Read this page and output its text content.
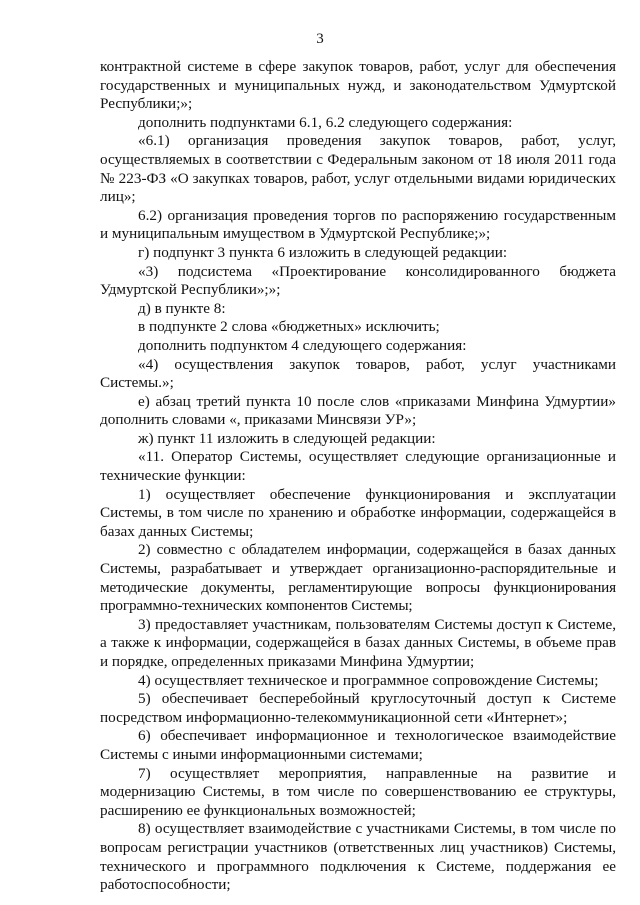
3

контрактной системе в сфере закупок товаров, работ, услуг для обеспечения государственных и муниципальных нужд, и законодательством Удмуртской Республики;»;

дополнить подпунктами 6.1, 6.2 следующего содержания:

«6.1) организация проведения закупок товаров, работ, услуг, осуществляемых в соответствии с Федеральным законом от 18 июля 2011 года № 223-ФЗ «О закупках товаров, работ, услуг отдельными видами юридических лиц»;

6.2) организация проведения торгов по распоряжению государственным и муниципальным имуществом в Удмуртской Республике;»;

г) подпункт 3 пункта 6 изложить в следующей редакции:

«3) подсистема «Проектирование консолидированного бюджета Удмуртской Республики»;»;

д) в пункте 8:

в подпункте 2 слова «бюджетных» исключить;

дополнить подпунктом 4 следующего содержания:

«4) осуществления закупок товаров, работ, услуг участниками Системы.»;

е) абзац третий пункта 10 после слов «приказами Минфина Удмуртии» дополнить словами «, приказами Минсвязи УР»;

ж) пункт 11 изложить в следующей редакции:

«11. Оператор Системы, осуществляет следующие организационные и технические функции:

1) осуществляет обеспечение функционирования и эксплуатации Системы, в том числе по хранению и обработке информации, содержащейся в базах данных Системы;

2) совместно с обладателем информации, содержащейся в базах данных Системы, разрабатывает и утверждает организационно-распорядительные и методические документы, регламентирующие вопросы функционирования программно-технических компонентов Системы;

3) предоставляет участникам, пользователям Системы доступ к Системе, а также к информации, содержащейся в базах данных Системы, в объеме прав и порядке, определенных приказами Минфина Удмуртии;

4) осуществляет техническое и программное сопровождение Системы;

5) обеспечивает бесперебойный круглосуточный доступ к Системе посредством информационно-телекоммуникационной сети «Интернет»;

6) обеспечивает информационное и технологическое взаимодействие Системы с иными информационными системами;

7) осуществляет мероприятия, направленные на развитие и модернизацию Системы, в том числе по совершенствованию ее структуры, расширению ее функциональных возможностей;

8) осуществляет взаимодействие с участниками Системы, в том числе по вопросам регистрации участников (ответственных лиц участников) Системы, технического и программного подключения к Системе, поддержания ее работоспособности;
